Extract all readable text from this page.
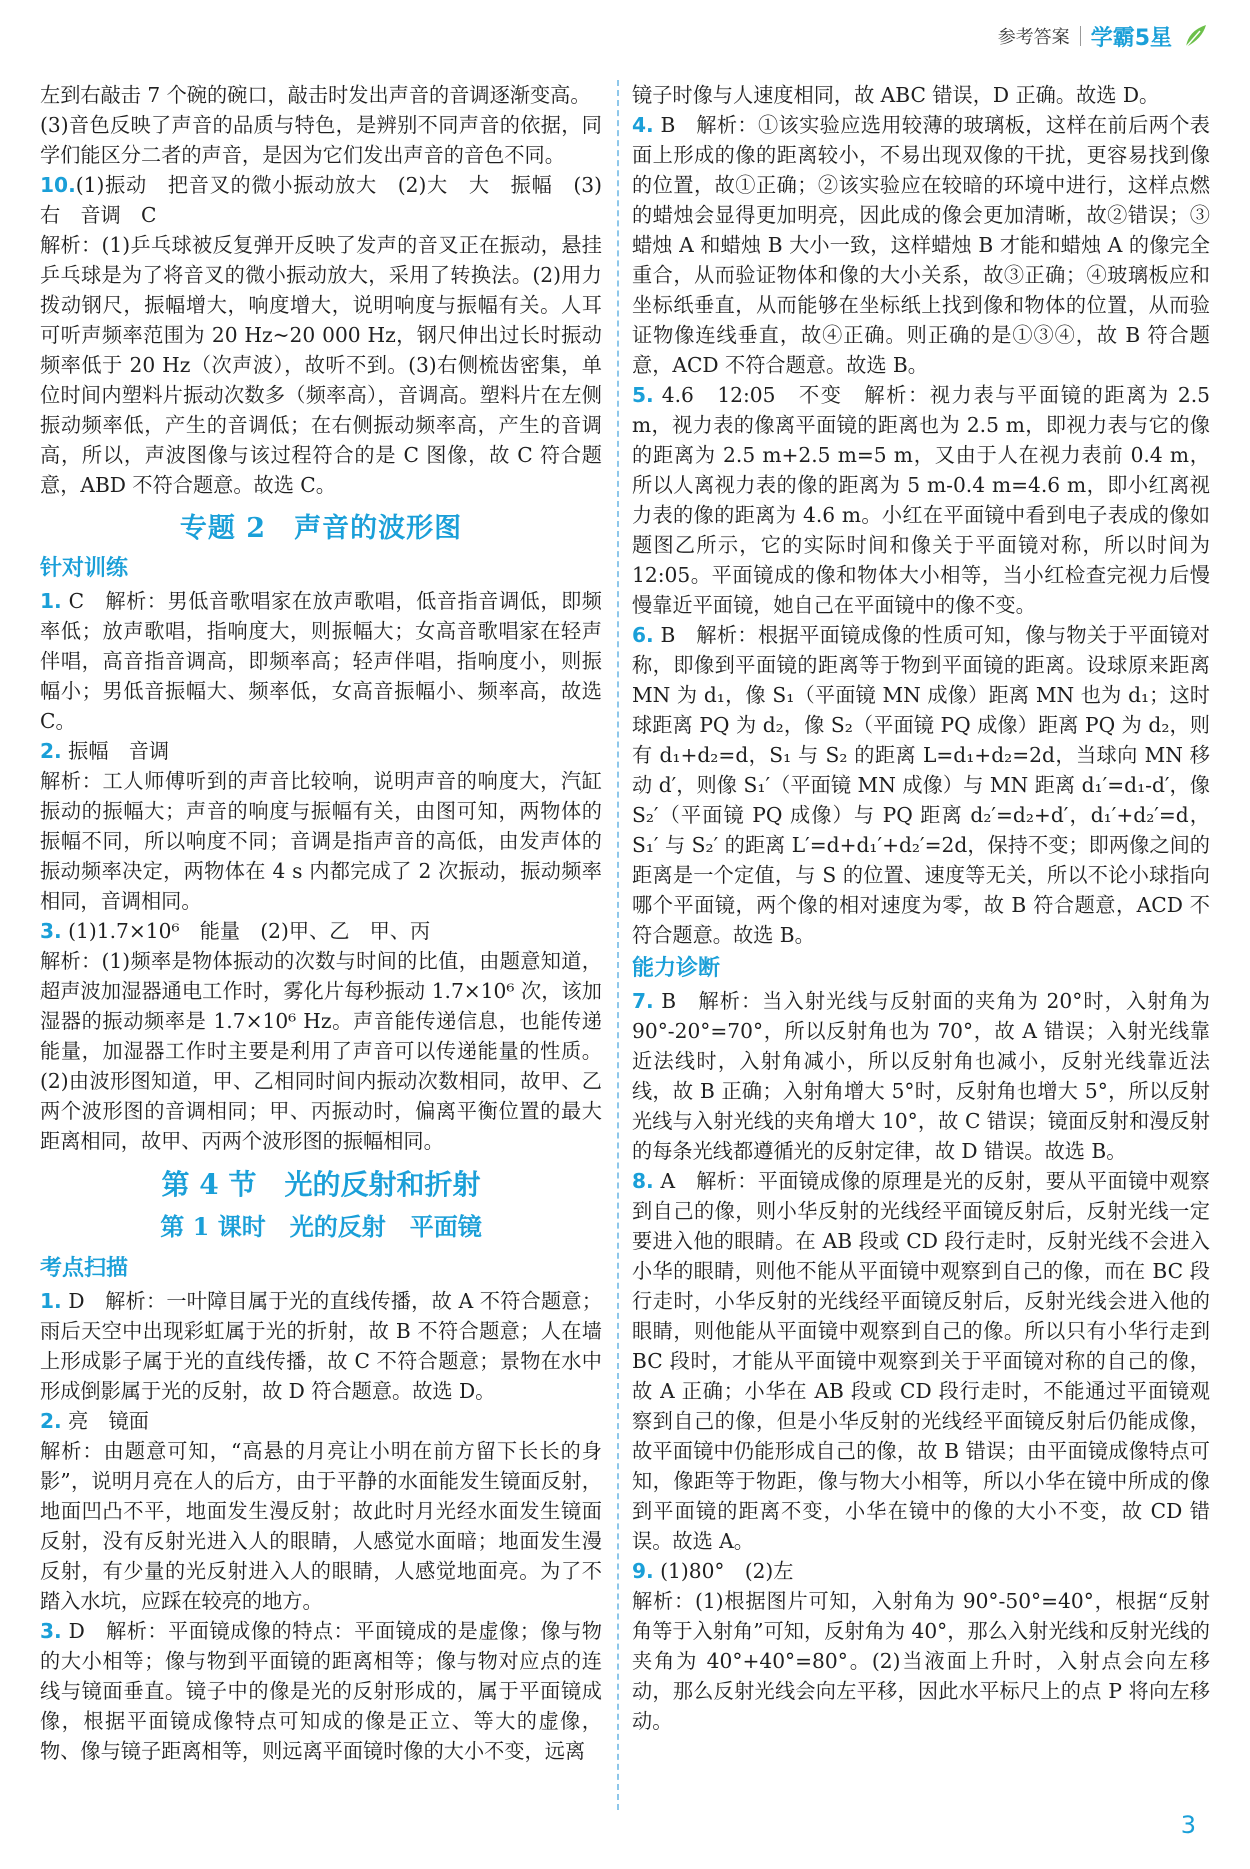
参考答案 学霸5星

左到右敲击 7 个碗的碗口，敲击时发出声音的音调逐渐变高。

(3)音色反映了声音的品质与特色，是辨别不同声音的依据，同学们能区分二者的声音，是因为它们发出声音的音色不同。

10.(1)振动　把音叉的微小振动放大　(2)大　大　振幅　(3)右　音调　C

解析：(1)乒乓球被反复弹开反映了发声的音叉正在振动，悬挂乒乓球是为了将音叉的微小振动放大，采用了转换法。(2)用力拨动钢尺，振幅增大，响度增大，说明响度与振幅有关。人耳可听声频率范围为 20 Hz~20 000 Hz，钢尺伸出过长时振动频率低于 20 Hz（次声波），故听不到。(3)右侧梳齿密集，单位时间内塑料片振动次数多（频率高），音调高。塑料片在左侧振动频率低，产生的音调低；在右侧振动频率高，产生的音调高，所以，声波图像与该过程符合的是 C 图像，故 C 符合题意，ABD 不符合题意。故选 C。

专题 2　声音的波形图
针对训练

1. C　解析：男低音歌唱家在放声歌唱，低音指音调低，即频率低；放声歌唱，指响度大，则振幅大；女高音歌唱家在轻声伴唱，高音指音调高，即频率高；轻声伴唱，指响度小，则振幅小；男低音振幅大、频率低，女高音振幅小、频率高，故选 C。

2. 振幅　音调

解析：工人师傅听到的声音比较响，说明声音的响度大，汽缸振动的振幅大；声音的响度与振幅有关，由图可知，两物体的振幅不同，所以响度不同；音调是指声音的高低，由发声体的振动频率决定，两物体在 4 s 内都完成了 2 次振动，振动频率相同，音调相同。

3. (1)1.7×10⁶　能量　(2)甲、乙　甲、丙

解析：(1)频率是物体振动的次数与时间的比值，由题意知道，超声波加湿器通电工作时，雾化片每秒振动 1.7×10⁶ 次，该加湿器的振动频率是 1.7×10⁶ Hz。声音能传递信息，也能传递能量，加湿器工作时主要是利用了声音可以传递能量的性质。(2)由波形图知道，甲、乙相同时间内振动次数相同，故甲、乙两个波形图的音调相同；甲、丙振动时，偏离平衡位置的最大距离相同，故甲、丙两个波形图的振幅相同。

第 4 节　光的反射和折射
第 1 课时　光的反射　平面镜
考点扫描

1. D　解析：一叶障目属于光的直线传播，故 A 不符合题意；雨后天空中出现彩虹属于光的折射，故 B 不符合题意；人在墙上形成影子属于光的直线传播，故 C 不符合题意；景物在水中形成倒影属于光的反射，故 D 符合题意。故选 D。

2. 亮　镜面

解析：由题意可知，“高悬的月亮让小明在前方留下长长的身影”，说明月亮在人的后方，由于平静的水面能发生镜面反射，地面凹凸不平，地面发生漫反射；故此时月光经水面发生镜面反射，没有反射光进入人的眼睛，人感觉水面暗；地面发生漫反射，有少量的光反射进入人的眼睛，人感觉地面亮。为了不踏入水坑，应踩在较亮的地方。

3. D　解析：平面镜成像的特点：平面镜成的是虚像；像与物的大小相等；像与物到平面镜的距离相等；像与物对应点的连线与镜面垂直。镜子中的像是光的反射形成的，属于平面镜成像，根据平面镜成像特点可知成的像是正立、等大的虚像，物、像与镜子距离相等，则远离平面镜时像的大小不变，远离

镜子时像与人速度相同，故 ABC 错误，D 正确。故选 D。

4. B　解析：①该实验应选用较薄的玻璃板，这样在前后两个表面上形成的像的距离较小，不易出现双像的干扰，更容易找到像的位置，故①正确；②该实验应在较暗的环境中进行，这样点燃的蜡烛会显得更加明亮，因此成的像会更加清晰，故②错误；③蜡烛 A 和蜡烛 B 大小一致，这样蜡烛 B 才能和蜡烛 A 的像完全重合，从而验证物体和像的大小关系，故③正确；④玻璃板应和坐标纸垂直，从而能够在坐标纸上找到像和物体的位置，从而验证物像连线垂直，故④正确。则正确的是①③④，故 B 符合题意，ACD 不符合题意。故选 B。

5. 4.6　12:05　不变　解析：视力表与平面镜的距离为 2.5 m，视力表的像离平面镜的距离也为 2.5 m，即视力表与它的像的距离为 2.5 m+2.5 m=5 m，又由于人在视力表前 0.4 m，所以人离视力表的像的距离为 5 m-0.4 m=4.6 m，即小红离视力表的像的距离为 4.6 m。小红在平面镜中看到电子表成的像如题图乙所示，它的实际时间和像关于平面镜对称，所以时间为 12:05。平面镜成的像和物体大小相等，当小红检查完视力后慢慢靠近平面镜，她自己在平面镜中的像不变。

6. B　解析：根据平面镜成像的性质可知，像与物关于平面镜对称，即像到平面镜的距离等于物到平面镜的距离。设球原来距离 MN 为 d₁，像 S₁（平面镜 MN 成像）距离 MN 也为 d₁；这时球距离 PQ 为 d₂，像 S₂（平面镜 PQ 成像）距离 PQ 为 d₂，则有 d₁+d₂=d，S₁ 与 S₂ 的距离 L=d₁+d₂=2d，当球向 MN 移动 d′，则像 S₁′（平面镜 MN 成像）与 MN 距离 d₁′=d₁-d′，像 S₂′（平面镜 PQ 成像）与 PQ 距离 d₂′=d₂+d′，d₁′+d₂′=d，S₁′ 与 S₂′ 的距离 L′=d+d₁′+d₂′=2d，保持不变；即两像之间的距离是一个定值，与 S 的位置、速度等无关，所以不论小球指向哪个平面镜，两个像的相对速度为零，故 B 符合题意，ACD 不符合题意。故选 B。

能力诊断

7. B　解析：当入射光线与反射面的夹角为 20°时，入射角为 90°-20°=70°，所以反射角也为 70°，故 A 错误；入射光线靠近法线时，入射角减小，所以反射角也减小，反射光线靠近法线，故 B 正确；入射角增大 5°时，反射角也增大 5°，所以反射光线与入射光线的夹角增大 10°，故 C 错误；镜面反射和漫反射的每条光线都遵循光的反射定律，故 D 错误。故选 B。

8. A　解析：平面镜成像的原理是光的反射，要从平面镜中观察到自己的像，则小华反射的光线经平面镜反射后，反射光线一定要进入他的眼睛。在 AB 段或 CD 段行走时，反射光线不会进入小华的眼睛，则他不能从平面镜中观察到自己的像，而在 BC 段行走时，小华反射的光线经平面镜反射后，反射光线会进入他的眼睛，则他能从平面镜中观察到自己的像。所以只有小华行走到 BC 段时，才能从平面镜中观察到关于平面镜对称的自己的像，故 A 正确；小华在 AB 段或 CD 段行走时，不能通过平面镜观察到自己的像，但是小华反射的光线经平面镜反射后仍能成像，故平面镜中仍能形成自己的像，故 B 错误；由平面镜成像特点可知，像距等于物距，像与物大小相等，所以小华在镜中所成的像到平面镜的距离不变，小华在镜中的像的大小不变，故 CD 错误。故选 A。

9. (1)80°　(2)左

解析：(1)根据图片可知，入射角为 90°-50°=40°，根据“反射角等于入射角”可知，反射角为 40°，那么入射光线和反射光线的夹角为 40°+40°=80°。(2)当液面上升时，入射点会向左移动，那么反射光线会向左平移，因此水平标尺上的点 P 将向左移动。

3
